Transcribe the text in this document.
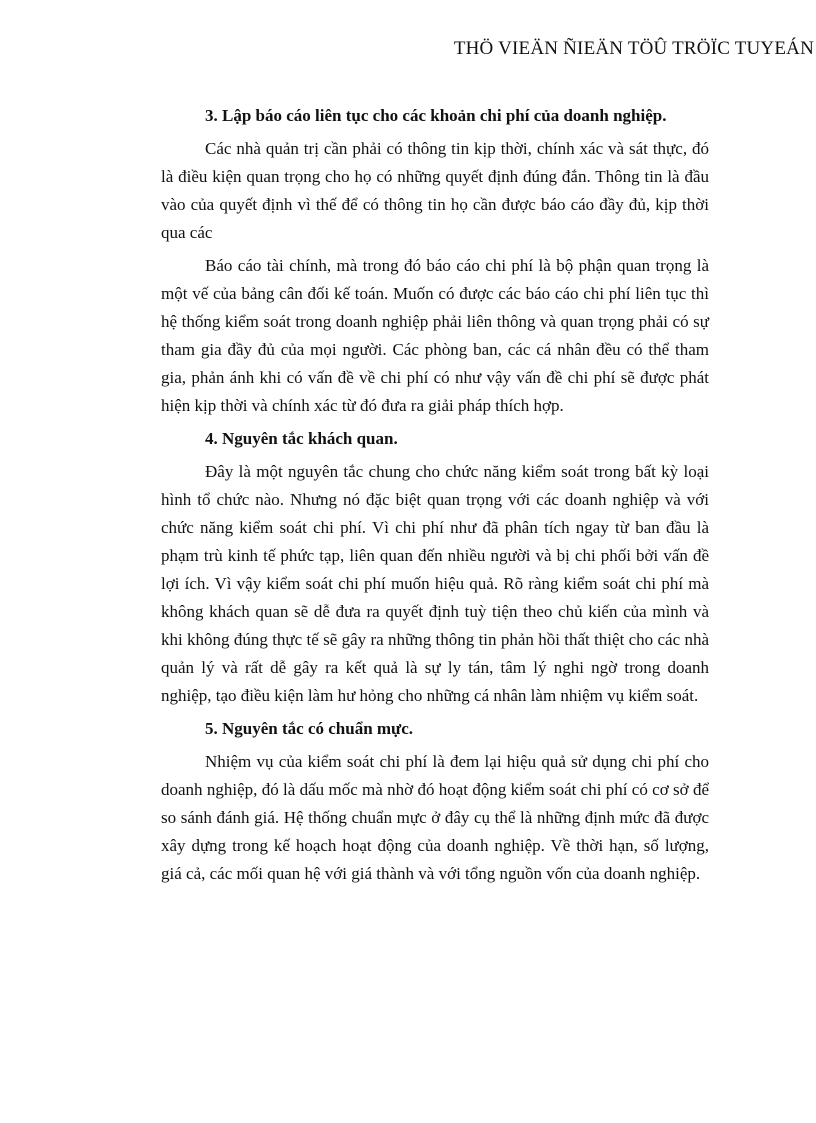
THÖ VIEÄN ÑIEÄN TÖÛ TRÖÏC TUYEÁN

3. Lập báo cáo liên tục cho các khoản chi phí của doanh nghiệp.

Các nhà quản trị cần phải có thông tin kịp thời, chính xác và sát thực, đó là điều kiện quan trọng cho họ có những quyết định đúng đắn. Thông tin là đầu vào của quyết định vì thế để có thông tin họ cần được báo cáo đầy đủ, kịp thời qua các

Báo cáo tài chính, mà trong đó báo cáo chi phí là bộ phận quan trọng là một vế của bảng cân đối kế toán. Muốn có được các báo cáo chi phí liên tục thì hệ thống kiểm soát trong doanh nghiệp phải liên thông và quan trọng phải có sự tham gia đầy đủ của mọi người. Các phòng ban, các cá nhân đều có thể tham gia, phản ánh khi có vấn đề về chi phí có như vậy vấn đề chi phí sẽ được phát hiện kịp thời và chính xác từ đó đưa ra giải pháp thích hợp.

4. Nguyên tắc khách quan.

Đây là một nguyên tắc chung cho chức năng kiểm soát trong bất kỳ loại hình tổ chức nào. Nhưng nó đặc biệt quan trọng với các doanh nghiệp và với chức năng kiểm soát chi phí. Vì chi phí như đã phân tích ngay từ ban đầu là phạm trù kinh tế phức tạp, liên quan đến nhiều người và bị chi phối bởi vấn đề lợi ích. Vì vậy kiểm soát chi phí muốn hiệu quả. Rõ ràng kiểm soát chi phí mà không khách quan sẽ dễ đưa ra quyết định tuỳ tiện theo chủ kiến của mình và khi không đúng thực tế sẽ gây ra những thông tin phản hồi thất thiệt cho các nhà quản lý và rất dễ gây ra kết quả là sự ly tán, tâm lý nghi ngờ trong doanh nghiệp, tạo điều kiện làm hư hỏng cho những cá nhân làm nhiệm vụ kiểm soát.

5. Nguyên tắc có chuẩn mực.

Nhiệm vụ của kiểm soát chi phí là đem lại hiệu quả sử dụng chi phí cho doanh nghiệp, đó là dấu mốc mà nhờ đó hoạt động kiểm soát chi phí có cơ sở để so sánh đánh giá. Hệ thống chuẩn mực ở đây cụ thể là những định mức đã được xây dựng trong kế hoạch hoạt động của doanh nghiệp. Về thời hạn, số lượng, giá cả, các mối quan hệ với giá thành và với tổng nguồn vốn của doanh nghiệp.
